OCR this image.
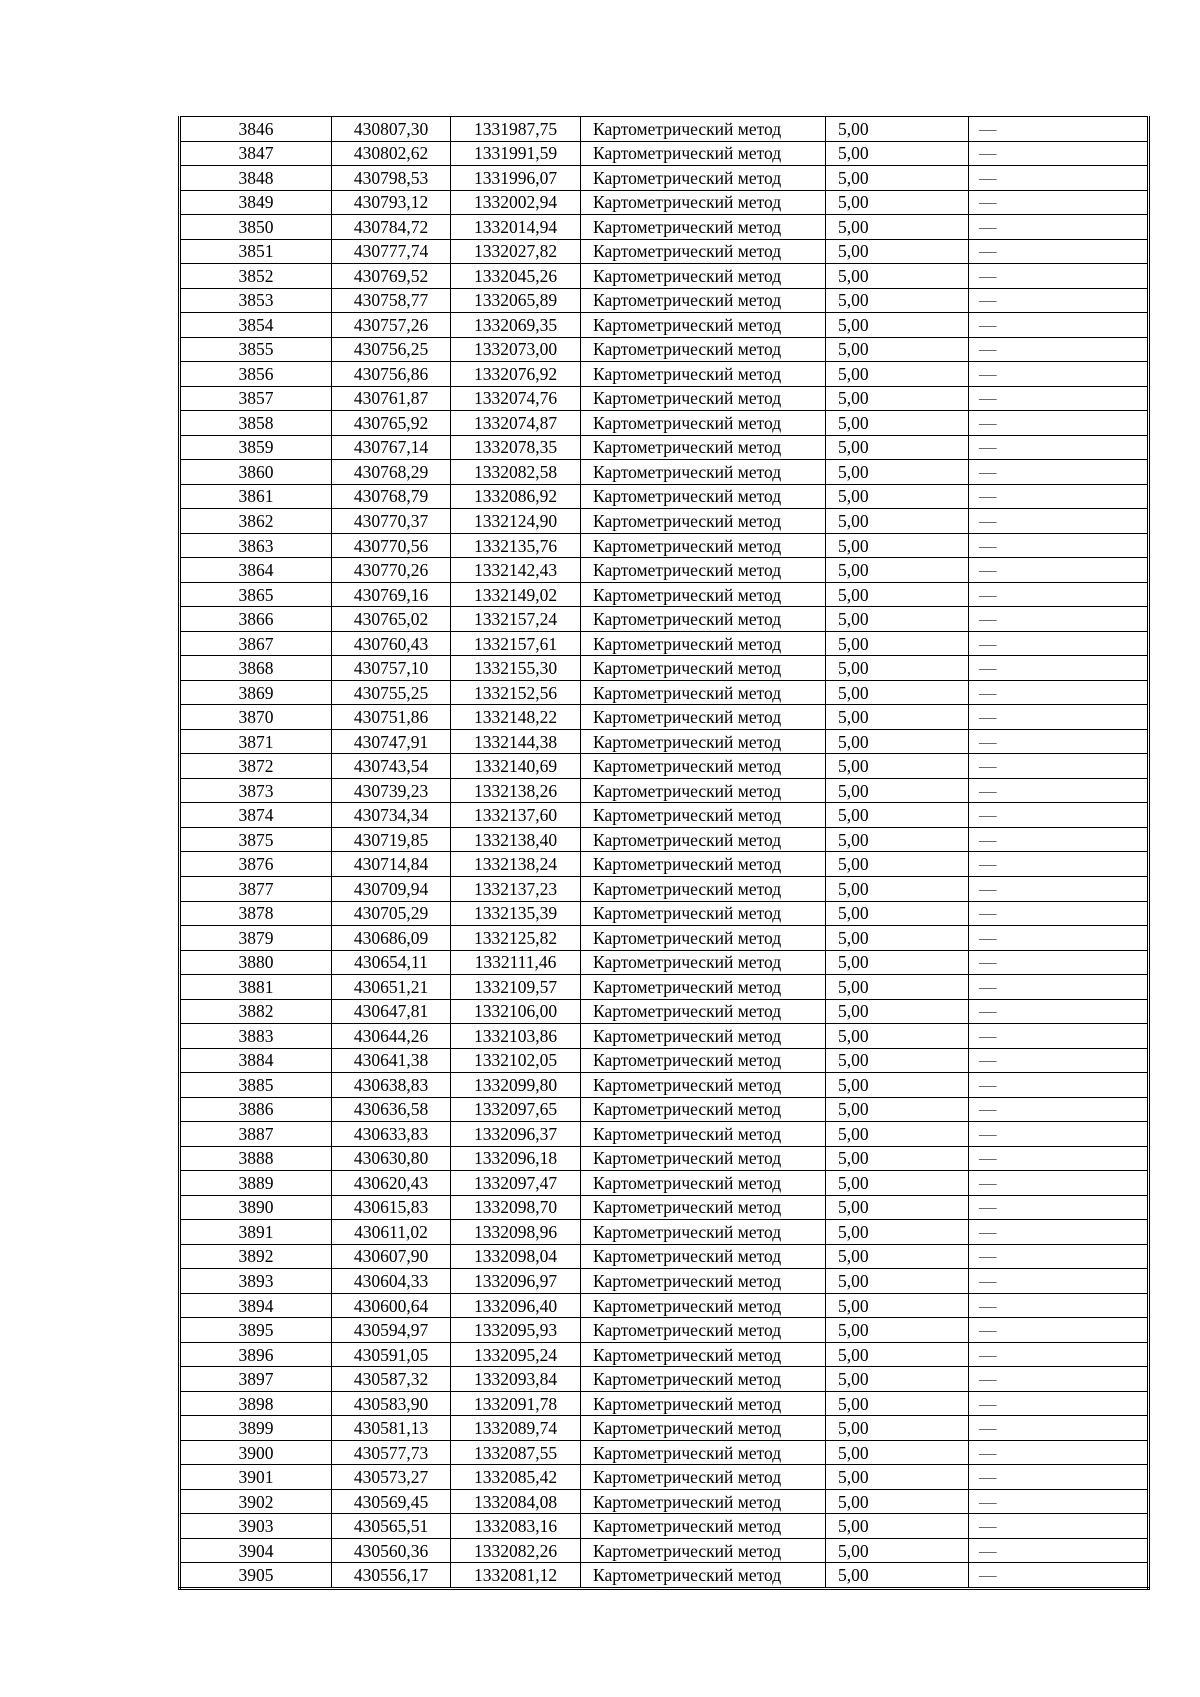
3846	430807,30	1331987,75	Картометрический метод	5,00	—
3847	430802,62	1331991,59	Картометрический метод	5,00	—
3848	430798,53	1331996,07	Картометрический метод	5,00	—
3849	430793,12	1332002,94	Картометрический метод	5,00	—
3850	430784,72	1332014,94	Картометрический метод	5,00	—
3851	430777,74	1332027,82	Картометрический метод	5,00	—
3852	430769,52	1332045,26	Картометрический метод	5,00	—
3853	430758,77	1332065,89	Картометрический метод	5,00	—
3854	430757,26	1332069,35	Картометрический метод	5,00	—
3855	430756,25	1332073,00	Картометрический метод	5,00	—
3856	430756,86	1332076,92	Картометрический метод	5,00	—
3857	430761,87	1332074,76	Картометрический метод	5,00	—
3858	430765,92	1332074,87	Картометрический метод	5,00	—
3859	430767,14	1332078,35	Картометрический метод	5,00	—
3860	430768,29	1332082,58	Картометрический метод	5,00	—
3861	430768,79	1332086,92	Картометрический метод	5,00	—
3862	430770,37	1332124,90	Картометрический метод	5,00	—
3863	430770,56	1332135,76	Картометрический метод	5,00	—
3864	430770,26	1332142,43	Картометрический метод	5,00	—
3865	430769,16	1332149,02	Картометрический метод	5,00	—
3866	430765,02	1332157,24	Картометрический метод	5,00	—
3867	430760,43	1332157,61	Картометрический метод	5,00	—
3868	430757,10	1332155,30	Картометрический метод	5,00	—
3869	430755,25	1332152,56	Картометрический метод	5,00	—
3870	430751,86	1332148,22	Картометрический метод	5,00	—
3871	430747,91	1332144,38	Картометрический метод	5,00	—
3872	430743,54	1332140,69	Картометрический метод	5,00	—
3873	430739,23	1332138,26	Картометрический метод	5,00	—
3874	430734,34	1332137,60	Картометрический метод	5,00	—
3875	430719,85	1332138,40	Картометрический метод	5,00	—
3876	430714,84	1332138,24	Картометрический метод	5,00	—
3877	430709,94	1332137,23	Картометрический метод	5,00	—
3878	430705,29	1332135,39	Картометрический метод	5,00	—
3879	430686,09	1332125,82	Картометрический метод	5,00	—
3880	430654,11	1332111,46	Картометрический метод	5,00	—
3881	430651,21	1332109,57	Картометрический метод	5,00	—
3882	430647,81	1332106,00	Картометрический метод	5,00	—
3883	430644,26	1332103,86	Картометрический метод	5,00	—
3884	430641,38	1332102,05	Картометрический метод	5,00	—
3885	430638,83	1332099,80	Картометрический метод	5,00	—
3886	430636,58	1332097,65	Картометрический метод	5,00	—
3887	430633,83	1332096,37	Картометрический метод	5,00	—
3888	430630,80	1332096,18	Картометрический метод	5,00	—
3889	430620,43	1332097,47	Картометрический метод	5,00	—
3890	430615,83	1332098,70	Картометрический метод	5,00	—
3891	430611,02	1332098,96	Картометрический метод	5,00	—
3892	430607,90	1332098,04	Картометрический метод	5,00	—
3893	430604,33	1332096,97	Картометрический метод	5,00	—
3894	430600,64	1332096,40	Картометрический метод	5,00	—
3895	430594,97	1332095,93	Картометрический метод	5,00	—
3896	430591,05	1332095,24	Картометрический метод	5,00	—
3897	430587,32	1332093,84	Картометрический метод	5,00	—
3898	430583,90	1332091,78	Картометрический метод	5,00	—
3899	430581,13	1332089,74	Картометрический метод	5,00	—
3900	430577,73	1332087,55	Картометрический метод	5,00	—
3901	430573,27	1332085,42	Картометрический метод	5,00	—
3902	430569,45	1332084,08	Картометрический метод	5,00	—
3903	430565,51	1332083,16	Картометрический метод	5,00	—
3904	430560,36	1332082,26	Картометрический метод	5,00	—
3905	430556,17	1332081,12	Картометрический метод	5,00	—
